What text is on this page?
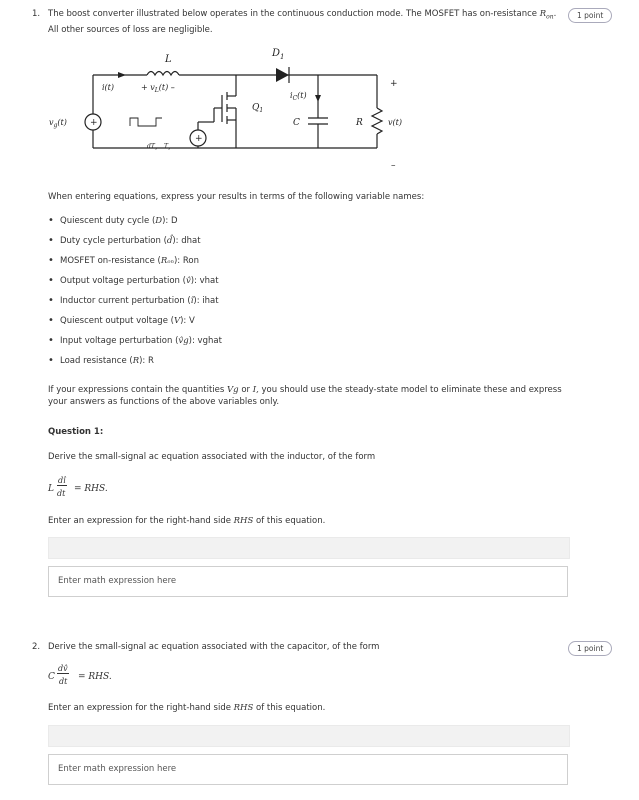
1. The boost converter illustrated below operates in the continuous conduction mode. The MOSFET has on-resistance $R_{on}$.
All other sources of loss are negligible.
1 point
L
$D_1$
i(t)	+ $v_L(t)$ –
$v_g(t)$	+
+
$Q_1$
$i_C(t)$
C	R	v(t)
+
–
$dT_s$ $T_s$
When entering equations, express your results in terms of the following variable names:
• Quiescent duty cycle (D): D
• Duty cycle perturbation (d̂): dhat
• MOSFET on-resistance (Rₒₙ): Ron
• Output voltage perturbation (v̂): vhat
• Inductor current perturbation (î): ihat
• Quiescent output voltage (V): V
• Input voltage perturbation (v̂g): vghat
• Load resistance (R): R
If your expressions contain the quantities Vg or I, you should use the steady-state model to eliminate these and express
your answers as functions of the above variables only.
Question 1:
Derive the small-signal ac equation associated with the inductor, of the form
L
dî
dt = RHS.
Enter an expression for the right-hand side RHS of this equation.
Enter math expression here
2. Derive the small-signal ac equation associated with the capacitor, of the form	1 point
C
dv̂
dt = RHS.
Enter an expression for the right-hand side RHS of this equation.
Enter math expression here
